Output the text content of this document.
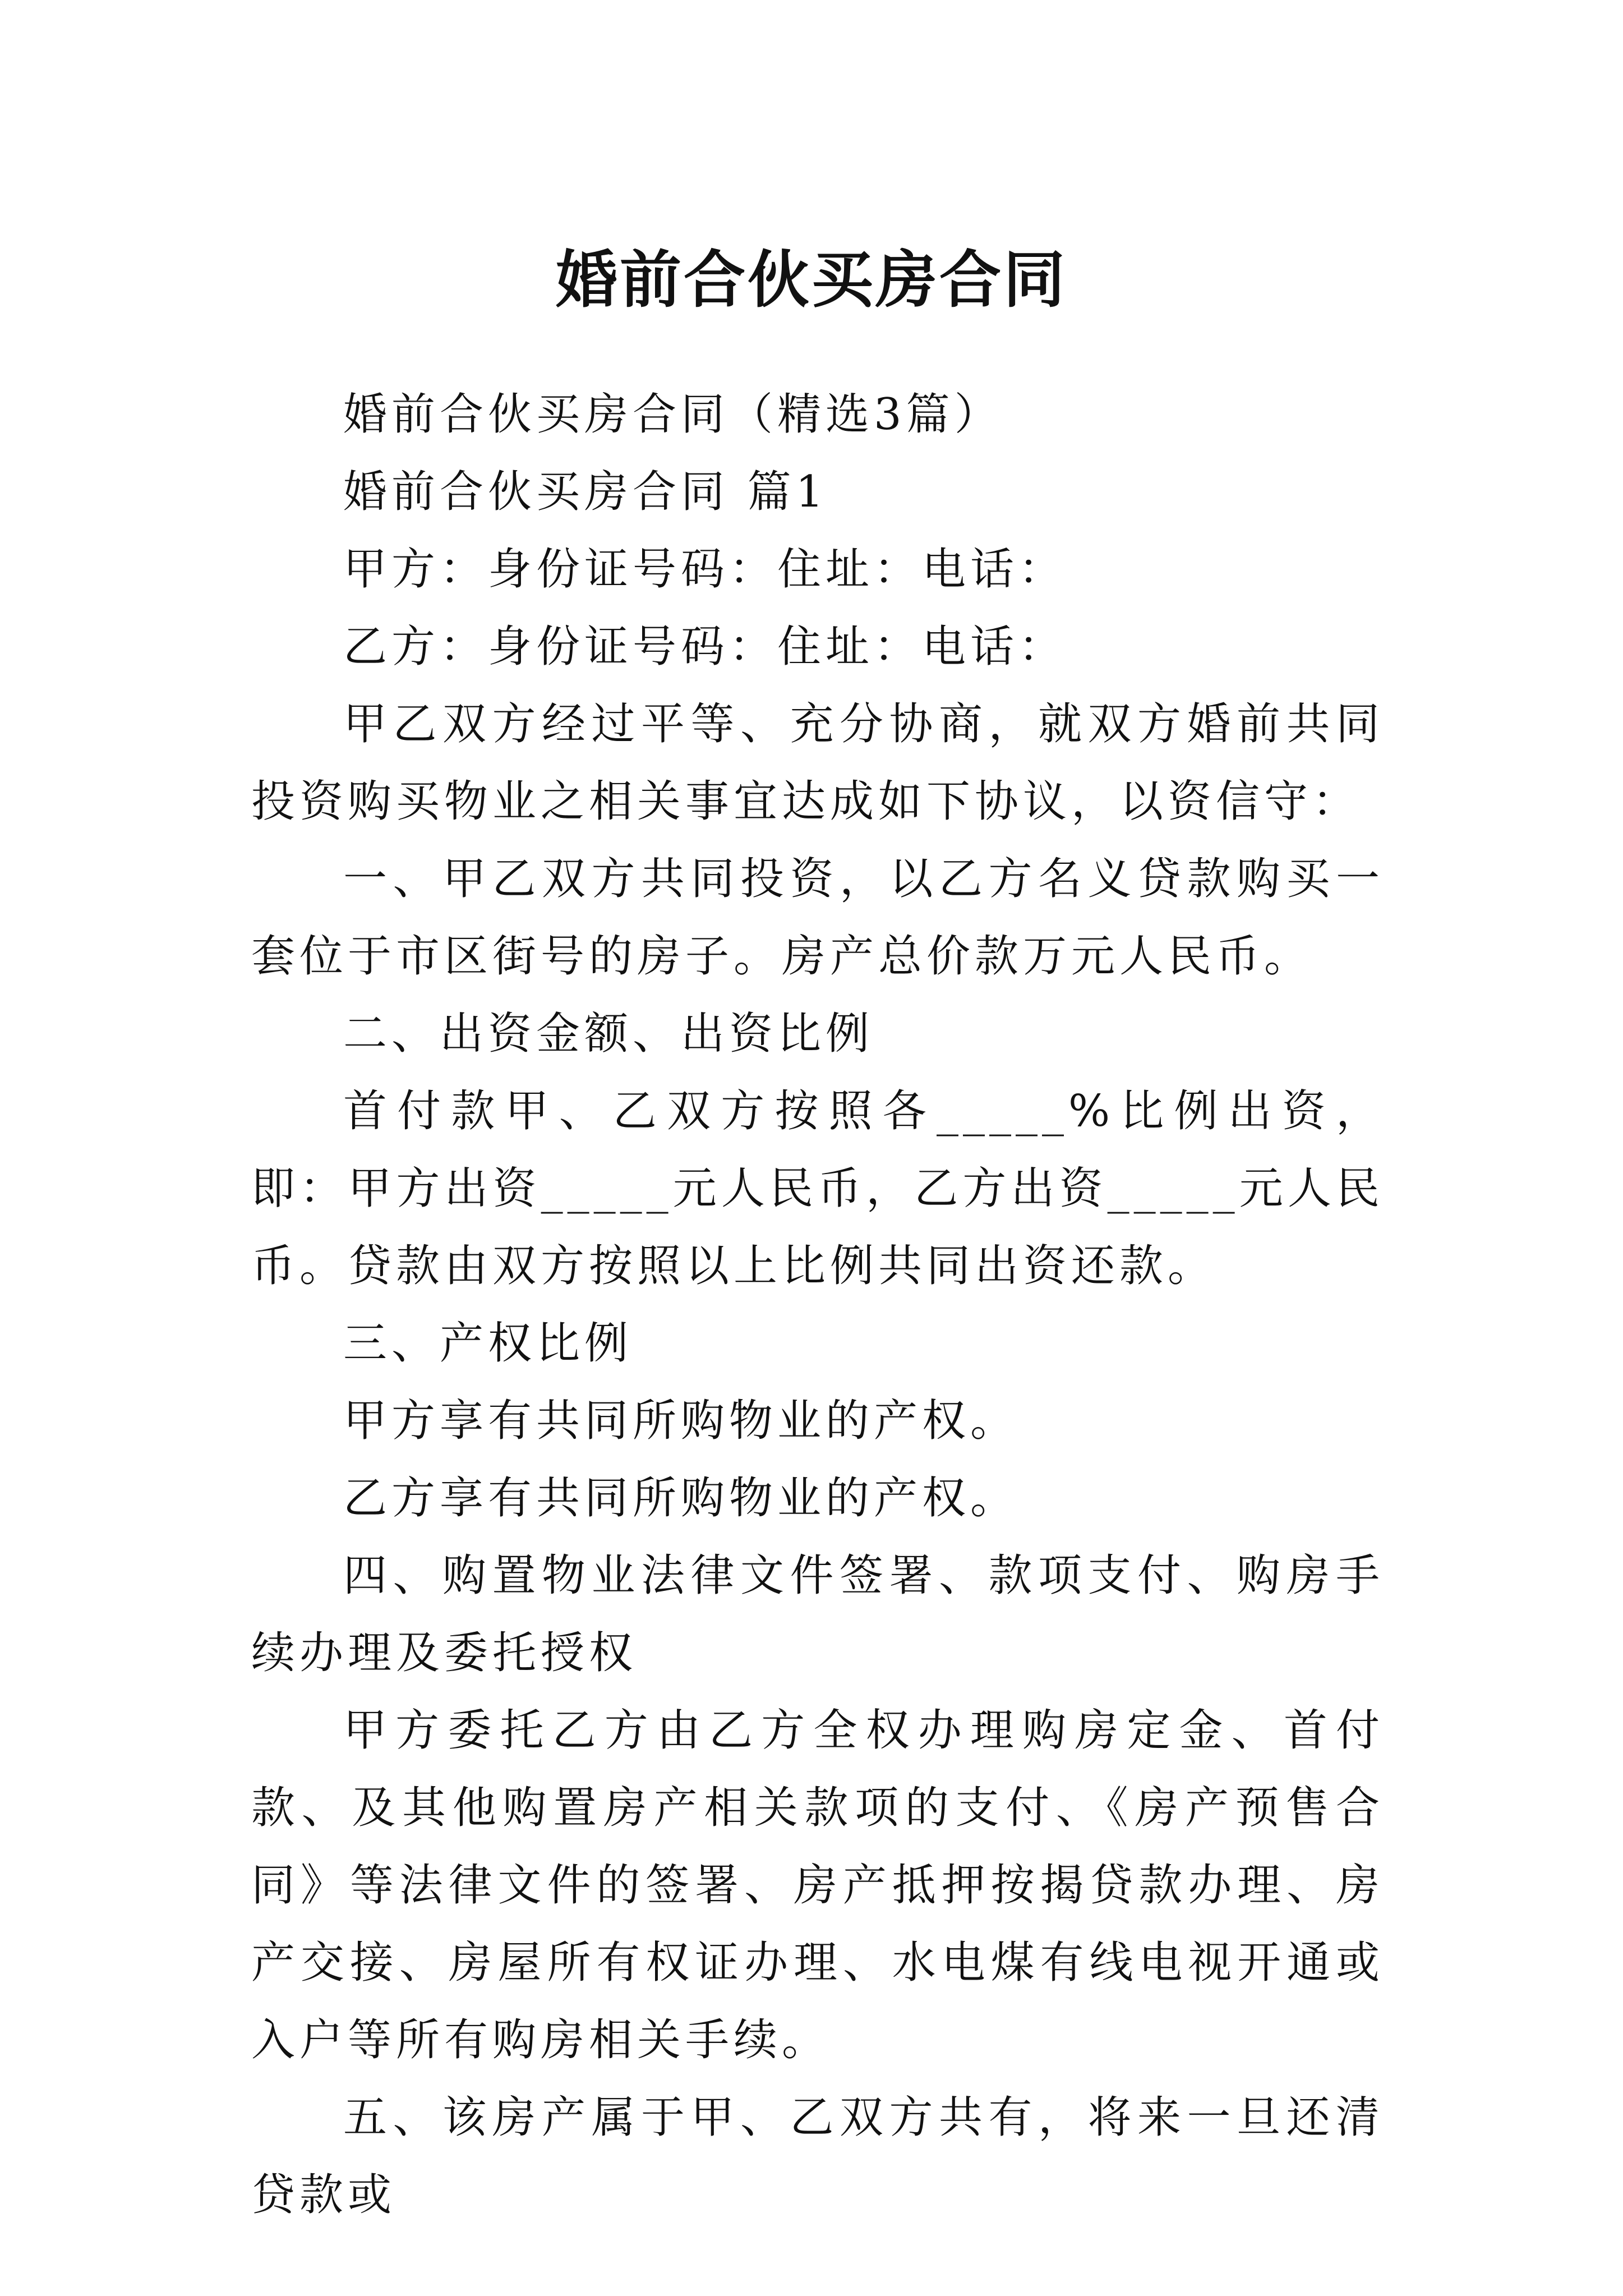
婚前合伙买房合同

婚前合伙买房合同（精选3篇）

婚前合伙买房合同 篇1

甲方：身份证号码：住址：电话：

乙方：身份证号码：住址：电话：

甲乙双方经过平等、充分协商，就双方婚前共同投资购买物业之相关事宜达成如下协议，以资信守：

一、甲乙双方共同投资，以乙方名义贷款购买一套位于市区街号的房子。房产总价款万元人民币。

二、出资金额、出资比例

首付款甲、乙双方按照各_____%比例出资，即：甲方出资_____元人民币，乙方出资_____元人民币。贷款由双方按照以上比例共同出资还款。

三、产权比例

甲方享有共同所购物业的产权。

乙方享有共同所购物业的产权。

四、购置物业法律文件签署、款项支付、购房手续办理及委托授权

甲方委托乙方由乙方全权办理购房定金、首付款、及其他购置房产相关款项的支付、《房产预售合同》等法律文件的签署、房产抵押按揭贷款办理、房产交接、房屋所有权证办理、水电煤有线电视开通或入户等所有购房相关手续。

五、该房产属于甲、乙双方共有，将来一旦还清贷款或
